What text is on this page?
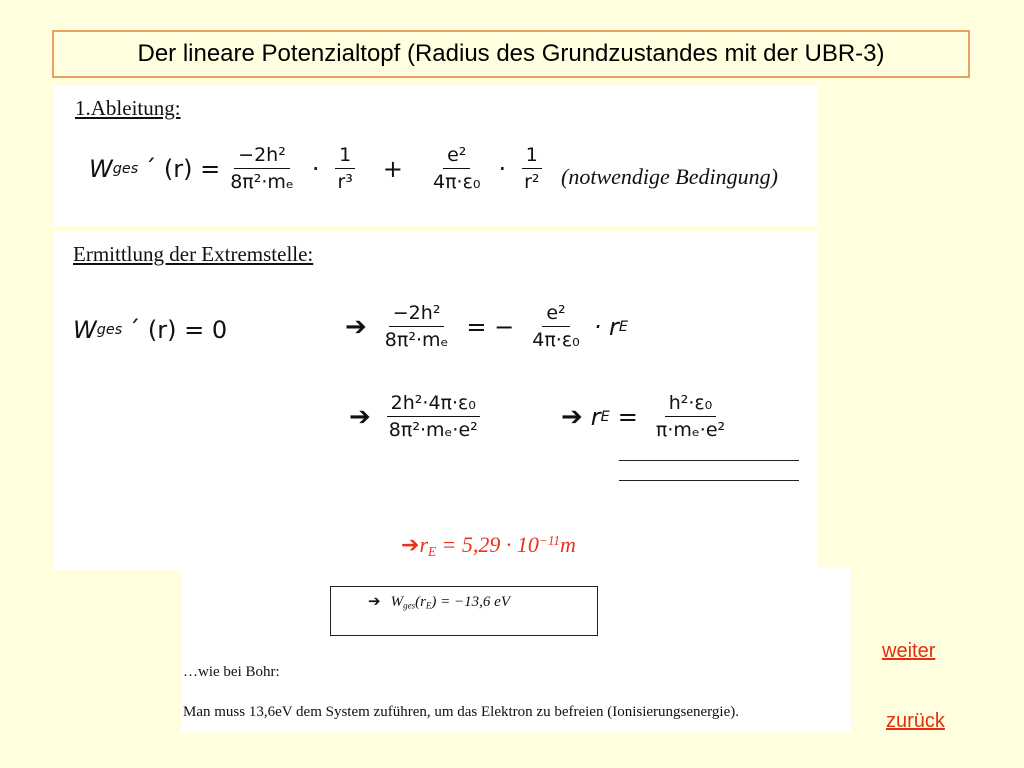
Der lineare Potenzialtopf (Radius des Grundzustandes mit der UBR-3)
1.Ableitung:
W ges ´ $(r) = \frac{\text{−2h²}}{\text{8π²·mₑ}} \cdot \frac{1}{\text{r³}} + \frac{\text{e²}}{\text{4π·ε₀}} \cdot \frac{1}{\text{r²}}$ (notwendige Bedingung)
Ermittlung der Extremstelle:
W ges ´ (r) = 0	➔ $\frac{\text{−2h²}}{\text{8π²·mₑ}}$ = − $\frac{\text{e²}}{\text{4π·ε₀}} \cdot r$ E
➔ $\frac{\text{2h²·4π·ε₀}}{\text{8π²·mₑ·e²}}$	➔ r $E = \frac{\text{h²·ε₀}}{\text{π·mₑ·e²}}$
$➔r_E = 5,29 \cdot 10^{-11}m$
➔ $W_{ges}(r_E) = -13,6$ eV
…wie bei Bohr:
Man muss 13,6eV dem System zuführen, um das Elektron zu befreien (Ionisierungsenergie).
weiter
zurück
